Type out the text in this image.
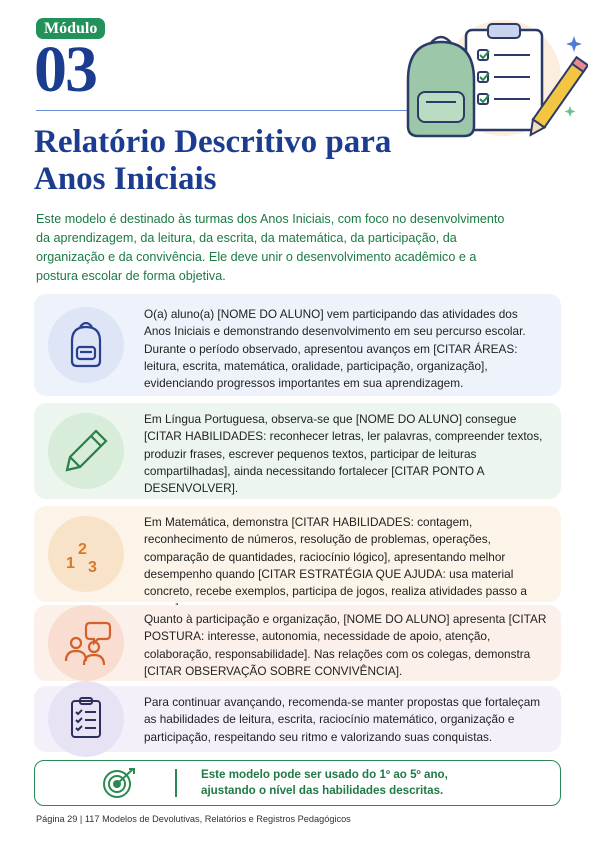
Módulo
03
Relatório Descritivo para
Anos Iniciais

Este modelo é destinado às turmas dos Anos Iniciais, com foco no desenvolvimento da aprendizagem, da leitura, da escrita, da matemática, da participação, da organização e da convivência. Ele deve unir o desenvolvimento acadêmico e a postura escolar de forma objetiva.

O(a) aluno(a) [NOME DO ALUNO] vem participando das atividades dos Anos Iniciais e demonstrando desenvolvimento em seu percurso escolar. Durante o período observado, apresentou avanços em [CITAR ÁREAS: leitura, escrita, matemática, oralidade, participação, organização], evidenciando progressos importantes em sua aprendizagem.

Em Língua Portuguesa, observa-se que [NOME DO ALUNO] consegue [CITAR HABILIDADES: reconhecer letras, ler palavras, compreender textos, produzir frases, escrever pequenos textos, participar de leituras compartilhadas], ainda necessitando fortalecer [CITAR PONTO A DESENVOLVER].

1
2
3

Em Matemática, demonstra [CITAR HABILIDADES: contagem, reconhecimento de números, resolução de problemas, operações, comparação de quantidades, raciocínio lógico], apresentando melhor desempenho quando [CITAR ESTRATÉGIA QUE AJUDA: usa material concreto, recebe exemplos, participa de jogos, realiza atividades passo a

Quanto à participação e organização, [NOME DO ALUNO] apresenta [CITAR POSTURA: interesse, autonomia, necessidade de apoio, atenção, colaboração, responsabilidade]. Nas relações com os colegas, demonstra [CITAR OBSERVAÇÃO SOBRE CONVIVÊNCIA].

Para continuar avançando, recomenda-se manter propostas que fortaleçam as habilidades de leitura, escrita, raciocínio matemático, organização e participação, respeitando seu ritmo e valorizando suas conquistas.

Este modelo pode ser usado do 1º ao 5º ano,
ajustando o nível das habilidades descritas.

Página 29 | 117 Modelos de Devolutivas, Relatórios e Registros Pedagógicos
